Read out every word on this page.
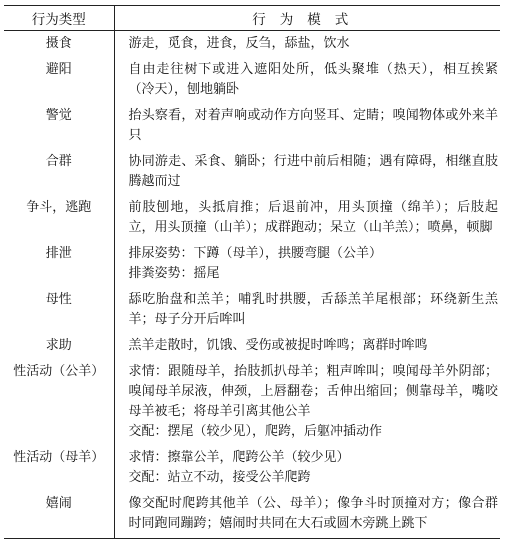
行为类型	行为模式
摄食	游走，觅食，进食，反刍，舔盐，饮水

避阳	自由走往树下或进入遮阳处所，低头聚堆（热天），相互挨紧（冷天），刨地躺卧

警觉	抬头察看，对着声响或动作方向竖耳、定睛；嗅闻物体或外来羊只

合群	协同游走、采食、躺卧；行进中前后相随；遇有障碍，相继直肢腾越而过

争斗，逃跑	前肢刨地，头抵肩推；后退前冲，用头顶撞（绵羊）；后肢起立，用头顶撞（山羊）；成群跑动；呆立（山羊羔）；喷鼻，顿脚

排泄	排尿姿势：下蹲（母羊），拱腰弯腿（公羊）
排粪姿势：摇尾

母性	舔吃胎盘和羔羊；哺乳时拱腰，舌舔羔羊尾根部；环绕新生羔羊；母子分开后哞叫

求助	羔羊走散时，饥饿、受伤或被捉时哞鸣；离群时哞鸣

性活动（公羊）	求情：跟随母羊，抬肢抓扒母羊；粗声哞叫；嗅闻母羊外阴部；嗅闻母羊尿液，伸颈，上唇翻卷；舌伸出缩回；侧靠母羊，嘴咬母羊被毛；将母羊引离其他公羊
交配：摆尾（较少见），爬跨，后躯冲插动作

性活动（母羊）	求情：擦靠公羊，爬跨公羊（较少见）
交配：站立不动，接受公羊爬跨

嬉闹	像交配时爬跨其他羊（公、母羊）；像争斗时顶撞对方；像合群时同跑同蹦跨；嬉闹时共同在大石或圆木旁跳上跳下
